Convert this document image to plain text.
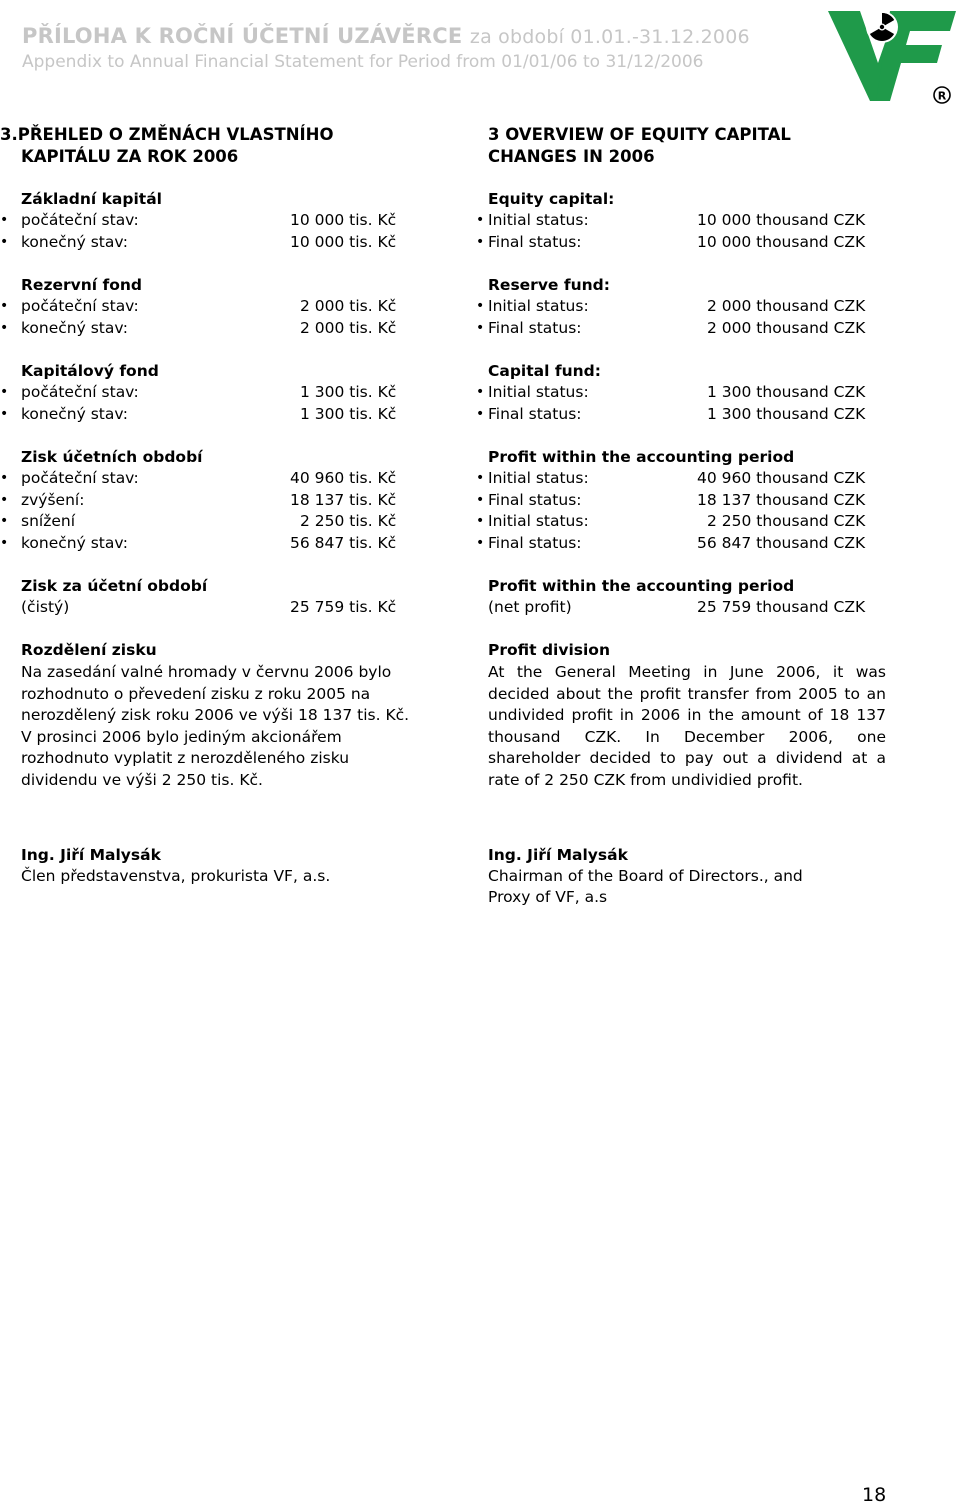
PŘÍLOHA K ROČNÍ ÚČETNÍ UZÁVĚRCE za období 01.01.-31.12.2006
Appendix to Annual Financial Statement for Period from 01/01/06 to 31/12/2006
R
3.PŘEHLED O ZMĚNÁCH VLASTNÍHO
KAPITÁLU ZA ROK 2006
Základní kapitál
• počáteční stav:	10 000 tis. Kč
• konečný stav:	10 000 tis. Kč
Rezervní fond
• počáteční stav:	2 000 tis. Kč
• konečný stav:	2 000 tis. Kč
Kapitálový fond
• počáteční stav:	1 300 tis. Kč
• konečný stav:	1 300 tis. Kč
Zisk účetních období
• počáteční stav:	40 960 tis. Kč
• zvýšení:	18 137 tis. Kč
• snížení	2 250 tis. Kč
• konečný stav:	56 847 tis. Kč
Zisk za účetní období
(čistý)	25 759 tis. Kč
Rozdělení zisku
Na zasedání valné hromady v červnu 2006 bylo
rozhodnuto o převedení zisku z roku 2005 na
nerozdělený zisk roku 2006 ve výši 18 137 tis. Kč.
V prosinci 2006 bylo jediným akcionářem
rozhodnuto vyplatit z nerozděleného zisku
dividendu ve výši 2 250 tis. Kč.
Ing. Jiří Malysák
Člen představenstva, prokurista VF, a.s.
3 OVERVIEW OF EQUITY CAPITAL
CHANGES IN 2006
Equity capital:
• Initial status:	10 000 thousand CZK
• Final status:	10 000 thousand CZK
Reserve fund:
• Initial status:	2 000 thousand CZK
• Final status:	2 000 thousand CZK
Capital fund:
• Initial status:	1 300 thousand CZK
• Final status:	1 300 thousand CZK
Profit within the accounting period
• Initial status:	40 960 thousand CZK
• Final status:	18 137 thousand CZK
• Initial status:	2 250 thousand CZK
• Final status:	56 847 thousand CZK
Profit within the accounting period
(net profit)	25 759 thousand CZK
Profit division
At the General Meeting in June 2006, it was decided about the profit transfer from 2005 to an undivided profit in 2006 in the amount of 18 137 thousand CZK. In December 2006, one shareholder decided to pay out a dividend at a rate of 2 250 CZK from undividied profit.
Ing. Jiří Malysák
Chairman of the Board of Directors., and
Proxy of VF, a.s
18
